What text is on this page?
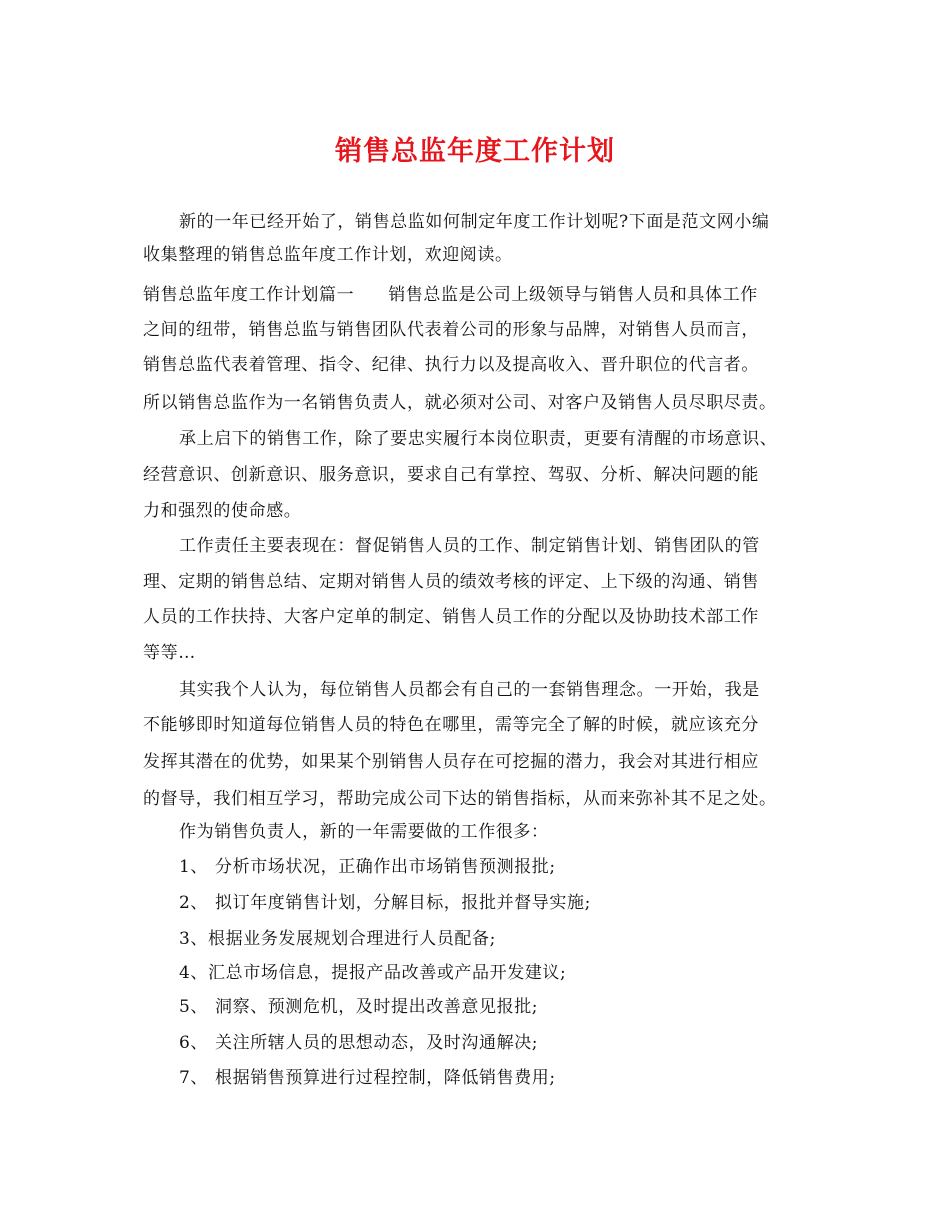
销售总监年度工作计划
新的一年已经开始了，销售总监如何制定年度工作计划呢?下面是范文网小编
收集整理的销售总监年度工作计划，欢迎阅读。
销售总监年度工作计划篇一 销售总监是公司上级领导与销售人员和具体工作
之间的纽带，销售总监与销售团队代表着公司的形象与品牌，对销售人员而言，
销售总监代表着管理、指令、纪律、执行力以及提高收入、晋升职位的代言者。
所以销售总监作为一名销售负责人，就必须对公司、对客户及销售人员尽职尽责。
承上启下的销售工作，除了要忠实履行本岗位职责，更要有清醒的市场意识、
经营意识、创新意识、服务意识，要求自己有掌控、驾驭、分析、解决问题的能
力和强烈的使命感。
工作责任主要表现在：督促销售人员的工作、制定销售计划、销售团队的管
理、定期的销售总结、定期对销售人员的绩效考核的评定、上下级的沟通、销售
人员的工作扶持、大客户定单的制定、销售人员工作的分配以及协助技术部工作
等等…
其实我个人认为，每位销售人员都会有自己的一套销售理念。一开始，我是
不能够即时知道每位销售人员的特色在哪里，需等完全了解的时候，就应该充分
发挥其潜在的优势，如果某个别销售人员存在可挖掘的潜力，我会对其进行相应
的督导，我们相互学习，帮助完成公司下达的销售指标，从而来弥补其不足之处。
作为销售负责人，新的一年需要做的工作很多：
1、 分析市场状况，正确作出市场销售预测报批;
2、 拟订年度销售计划，分解目标，报批并督导实施;
3、根据业务发展规划合理进行人员配备;
4、汇总市场信息，提报产品改善或产品开发建议;
5、 洞察、预测危机，及时提出改善意见报批;
6、 关注所辖人员的思想动态，及时沟通解决;
7、 根据销售预算进行过程控制，降低销售费用;
